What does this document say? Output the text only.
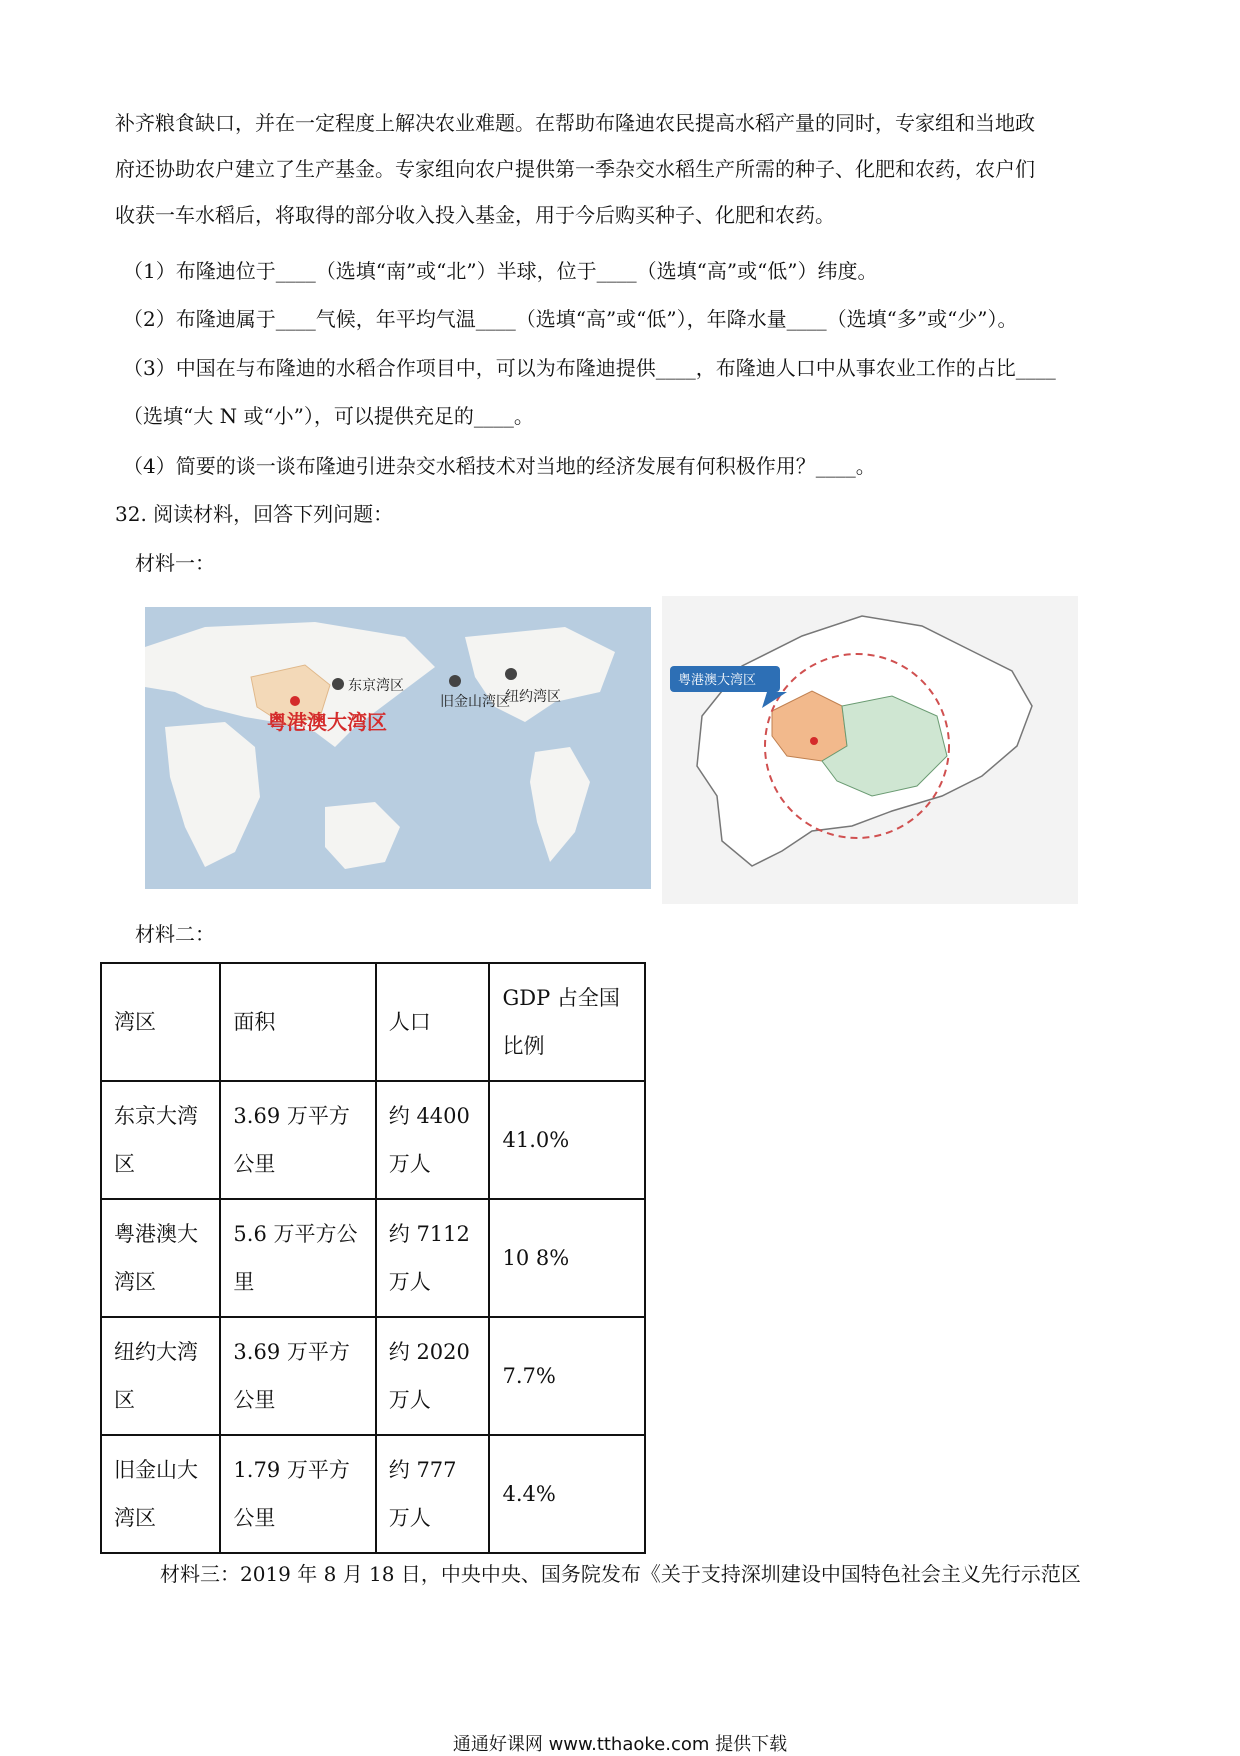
补齐粮食缺口，并在一定程度上解决农业难题。在帮助布隆迪农民提高水稻产量的同时，专家组和当地政
府还协助农户建立了生产基金。专家组向农户提供第一季杂交水稻生产所需的种子、化肥和农药，农户们
收获一车水稻后，将取得的部分收入投入基金，用于今后购买种子、化肥和农药。
（1）布隆迪位于____（选填“南”或“北”）半球，位于____（选填“高”或“低”）纬度。
（2）布隆迪属于____气候，年平均气温____（选填“高”或“低”），年降水量____（选填“多”或“少”）。
（3）中国在与布隆迪的水稻合作项目中，可以为布隆迪提供____，布隆迪人口中从事农业工作的占比____
（选填“大 N 或“小”），可以提供充足的____。
（4）简要的谈一谈布隆迪引进杂交水稻技术对当地的经济发展有何积极作用？____。
32. 阅读材料，回答下列问题：
材料一：
东京湾区
旧金山湾区
纽约湾区
粤港澳大湾区
粤港澳大湾区
材料二：
湾区	面积	人口	GDP 占全国比例
东京大湾区	3.69 万平方公里	约 4400 万人	41.0%
粤港澳大湾区	5.6 万平方公里	约 7112 万人	10 8%
纽约大湾区	3.69 万平方公里	约 2020 万人	7.7%
旧金山大湾区	1.79 万平方公里	约 777 万人	4.4%
材料三：2019 年 8 月 18 日，中央中央、国务院发布《关于支持深圳建设中国特色社会主义先行示范区
通通好课网 www.tthaoke.com 提供下载
